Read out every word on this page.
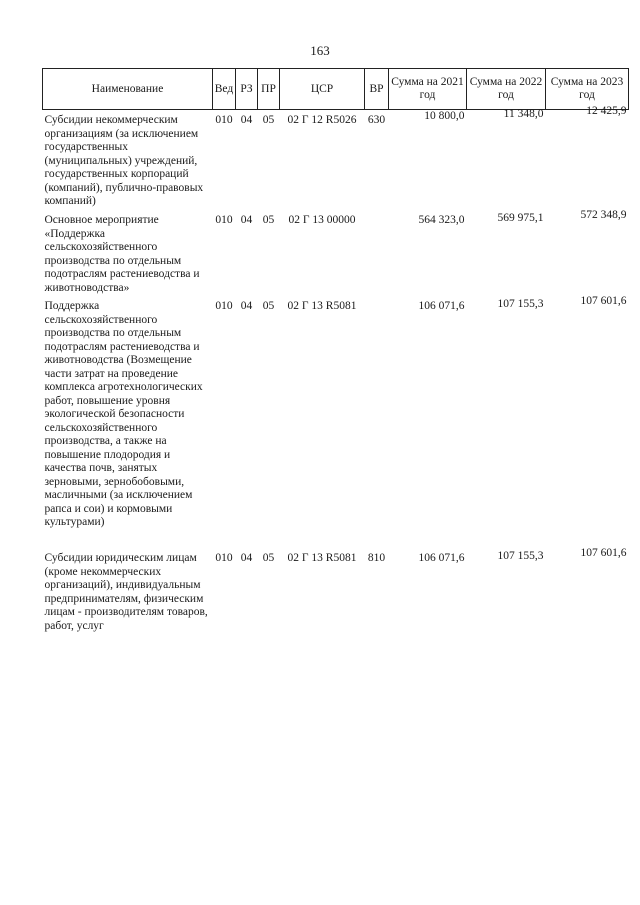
163
Наименование	Вед	РЗ	ПР	ЦСР	ВР	Сумма на 2021 год	Сумма на 2022 год	Сумма на 2023 год
Субсидии некоммерческим организациям (за исключением государственных (муниципальных) учреждений, государственных корпораций (компаний), публично-правовых компаний)	010	04	05	02 Г 12 R5026	630	10 800,0	11 348,0	12 425,9
Основное мероприятие «Поддержка сельскохозяйственного производства по отдельным подотраслям растениеводства и животноводства»	010	04	05	02 Г 13 00000		564 323,0	569 975,1	572 348,9
Поддержка сельскохозяйственного производства по отдельным подотраслям растениеводства и животноводства (Возмещение части затрат на проведение комплекса агротехнологических работ, повышение уровня экологической безопасности сельскохозяйственного производства, а также на повышение плодородия и качества почв, занятых зерновыми, зернобобовыми, масличными (за исключением рапса и сои) и кормовыми культурами)	010	04	05	02 Г 13 R5081		106 071,6	107 155,3	107 601,6
Субсидии юридическим лицам (кроме некоммерческих организаций), индивидуальным предпринимателям, физическим лицам - производителям товаров, работ, услуг	010	04	05	02 Г 13 R5081	810	106 071,6	107 155,3	107 601,6
